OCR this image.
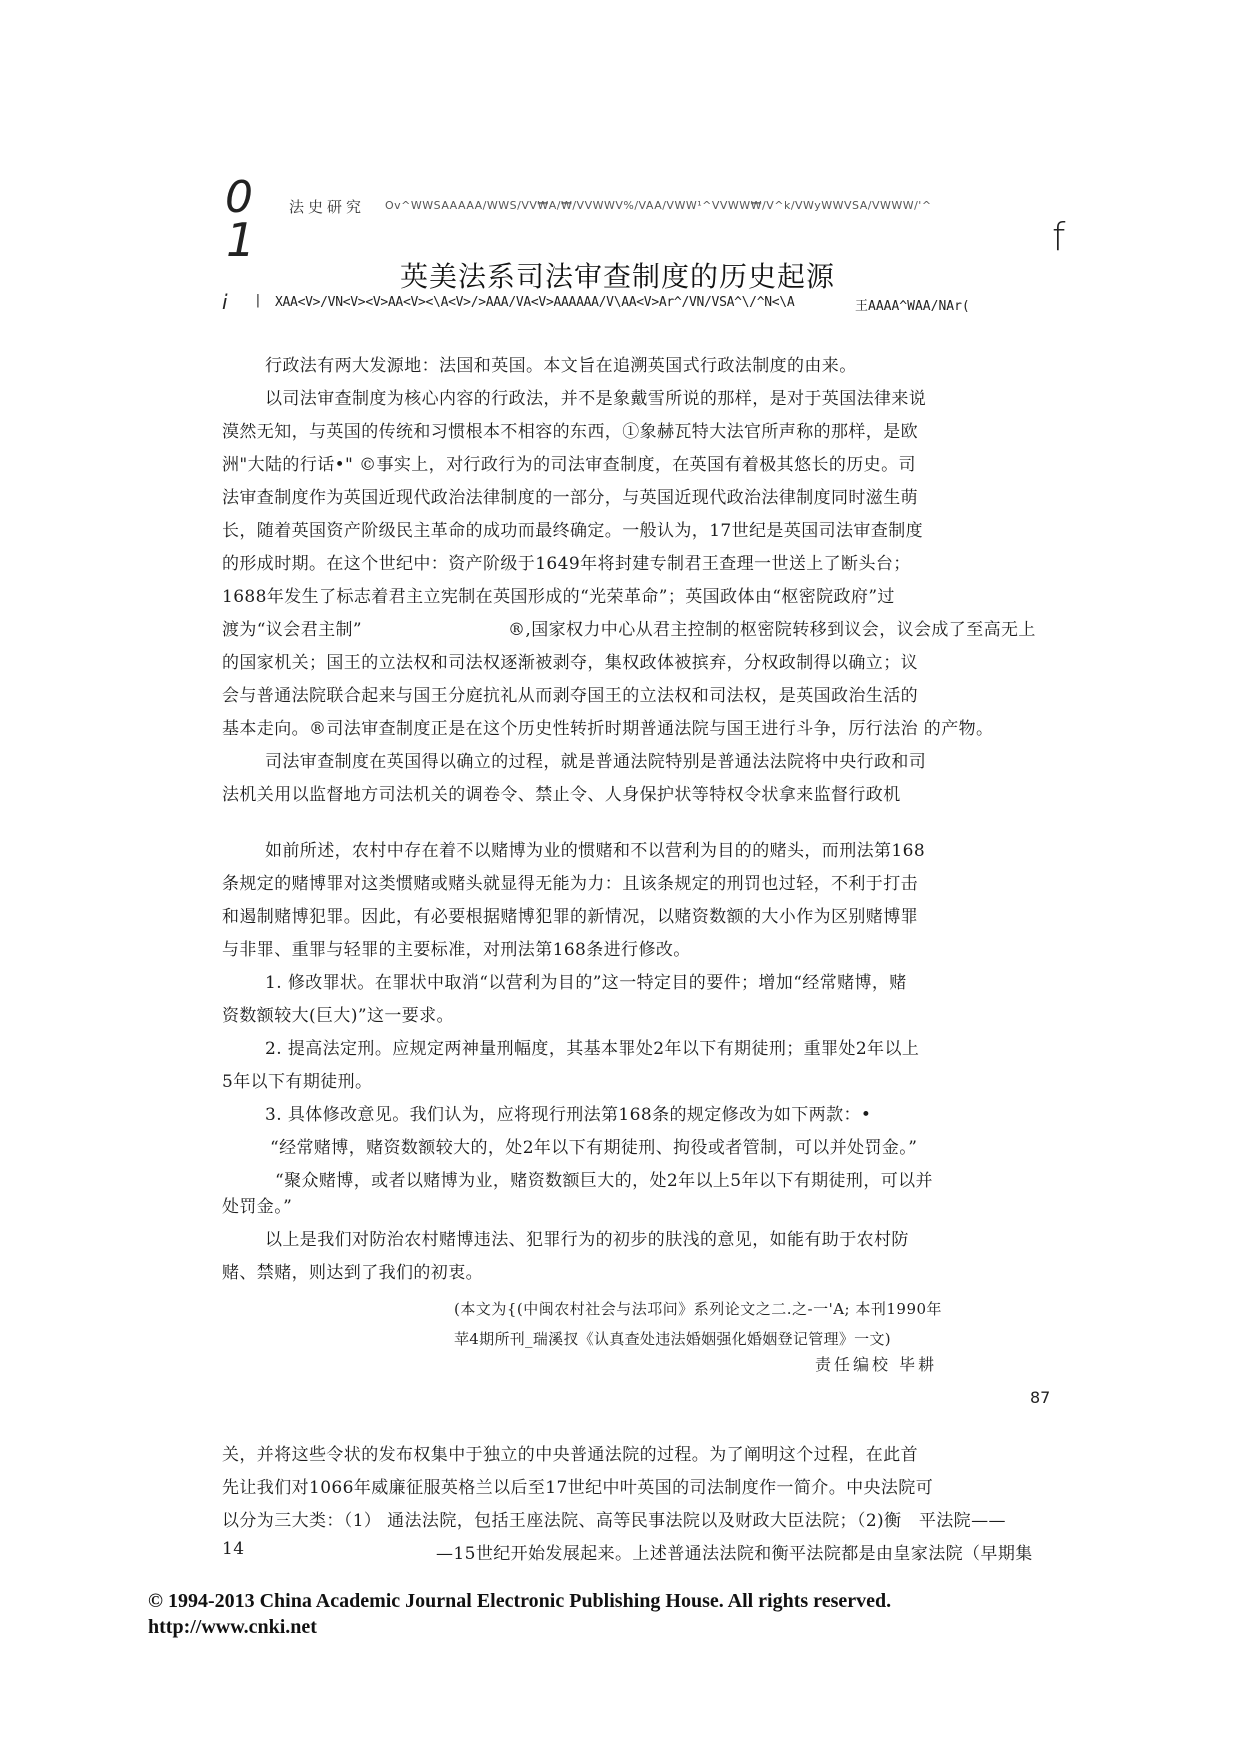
0 法史研究 Ov^WWSAAAAA/WWS/VV₩A/₩/VVWWV%/VAA/VWW¹^VVWW₩/V^k/VWyWWVSA/VWWW/'^
1
英美法系司法审查制度的历史起源
f
i | XAA<V>/VN<V><V>AA<V><\A<V>/>AAA/VA<V>AAAAAA/V\AA<V>Ar^/VN/VSA^\/^N<\A	王AAAA^WAA/NAr(
行政法有两大发源地：法国和英国。本文旨在追溯英国式行政法制度的由来。
以司法审查制度为核心内容的行政法，并不是象戴雪所说的那样，是对于英国法律来说
漠然无知，与英国的传统和习惯根本不相容的东西，①象赫瓦特大法官所声称的那样，是欧
洲"大陆的行话•" ©事实上，对行政行为的司法审查制度，在英国有着极其悠长的历史。司
法审查制度作为英国近现代政治法律制度的一部分，与英国近现代政治法律制度同时滋生萌
长，随着英国资产阶级民主革命的成功而最终确定。一般认为，17世纪是英国司法审查制度
的形成时期。在这个世纪中：资产阶级于1649年将封建专制君王查理一世送上了断头台；
1688年发生了标志着君主立宪制在英国形成的“光荣革命”；英国政体由“枢密院政府”过
渡为“议会君主制”	®,国家权力中心从君主控制的枢密院转移到议会，议会成了至高无上
的国家机关；国王的立法权和司法权逐渐被剥夺，集权政体被摈弃，分权政制得以确立；议
会与普通法院联合起来与国王分庭抗礼从而剥夺国王的立法权和司法权，是英国政治生活的
基本走向。®司法审查制度正是在这个历史性转折时期普通法院与国王进行斗争，厉行法治 的产物。
司法审查制度在英国得以确立的过程，就是普通法院特别是普通法法院将中央行政和司
法机关用以监督地方司法机关的调卷令、禁止令、人身保护状等特权令状拿来监督行政机
如前所述，农村中存在着不以赌博为业的惯赌和不以营利为目的的赌头，而刑法第168
条规定的赌博罪对这类惯赌或赌头就显得无能为力：且该条规定的刑罚也过轻，不利于打击
和遏制赌博犯罪。因此，有必要根据赌博犯罪的新情况，以赌资数额的大小作为区别赌博罪
与非罪、重罪与轻罪的主要标准，对刑法第168条进行修改。
1. 修改罪状。在罪状中取消“以营利为目的”这一特定目的要件；增加“经常赌博，赌
资数额较大(巨大)”这一要求。
2. 提高法定刑。应规定两神量刑幅度，其基本罪处2年以下有期徒刑；重罪处2年以上
5年以下有期徒刑。
3. 具体修改意见。我们认为，应将现行刑法第168条的规定修改为如下两款：•
“经常赌博，赌资数额较大的，处2年以下有期徒刑、拘役或者管制，可以并处罚金。”
“聚众赌博，或者以赌博为业，赌资数额巨大的，处2年以上5年以下有期徒刑，可以并
处罚金。”
以上是我们对防治农村赌博违法、犯罪行为的初步的肤浅的意见，如能有助于农村防
赌、禁赌，则达到了我们的初衷。
(本文为{(中闽农村社会与法邛问》系列论文之二.之-一'A; 本刊1990年
苹4期所刊_瑞溪扠《认真查处违法婚姻强化婚姻登记管理》一文)
责任编校 毕耕
87
关，并将这些令状的发布权集中于独立的中央普通法院的过程。为了阐明这个过程，在此首
先让我们对1066年威廉征服英格兰以后至17世纪中叶英国的司法制度作一简介。中央法院可
以分为三大类：（1） 通法法院，包括王座法院、高等民事法院以及财政大臣法院；（2)衡　平法院——
14	—15世纪开始发展起来。上述普通法法院和衡平法院都是由皇家法院（早期集
© 1994-2013 China Academic Journal Electronic Publishing House. All rights reserved.
http://www.cnki.net
